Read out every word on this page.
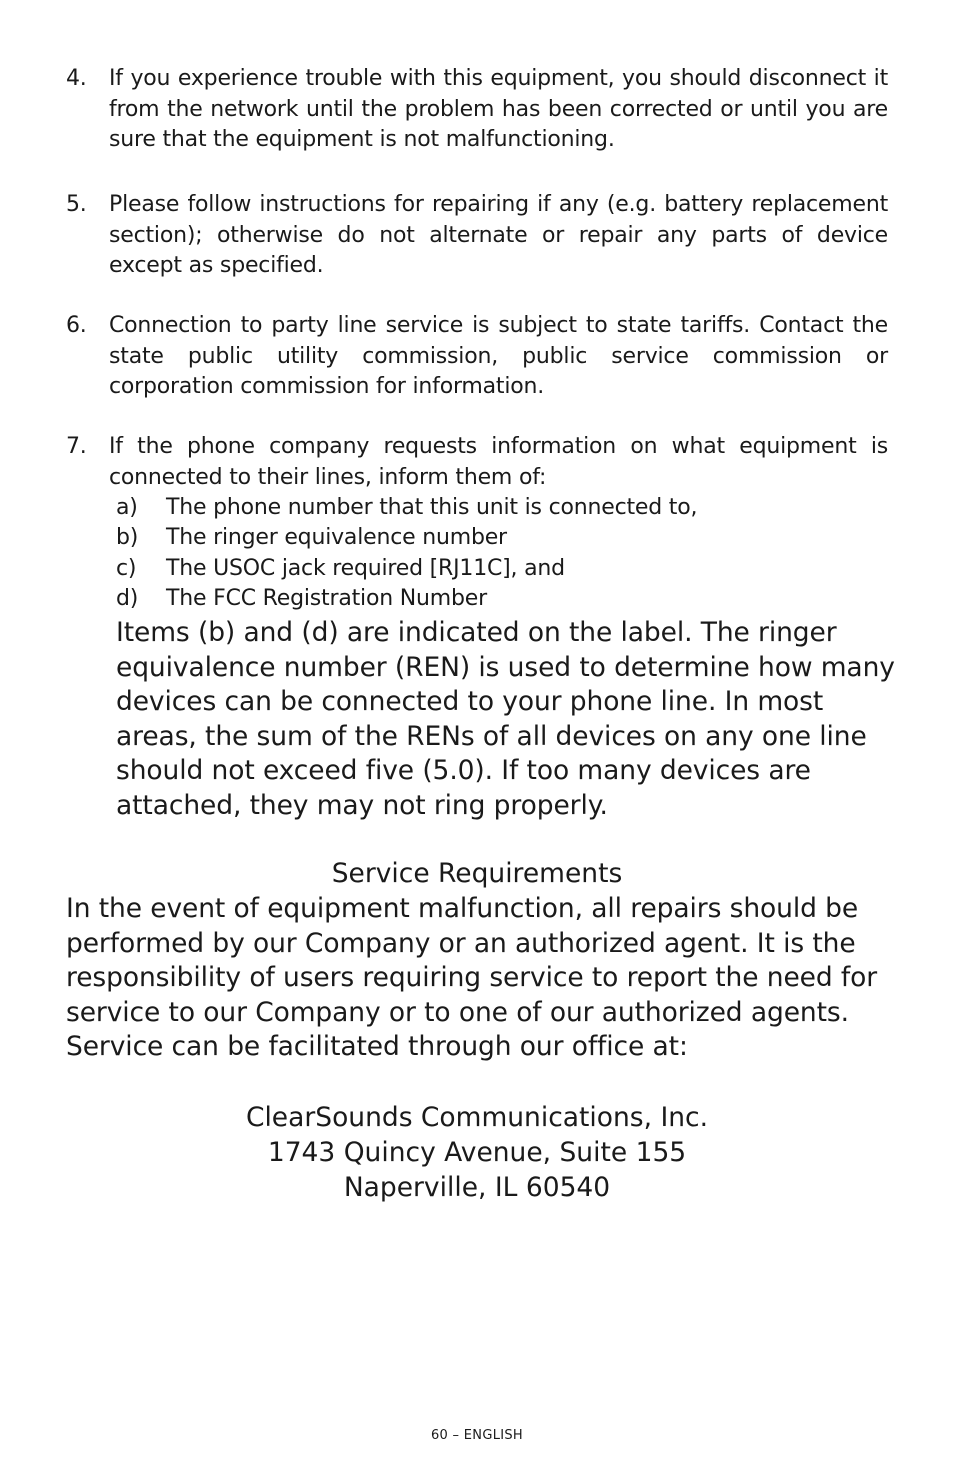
4.	If you experience trouble with this equipment, you should disconnect it from the network until the problem has been corrected or until you are sure that the equipment is not malfunctioning.
5.	Please follow instructions for repairing if any (e.g. battery replacement section); otherwise do not alternate or repair any parts of device except as specified.
6.	Connection to party line service is subject to state tariffs. Contact the state public utility commission, public service commission or corporation commission for information.
7.	If the phone company requests information on what equipment is connected to their lines, inform them of:
a) The phone number that this unit is connected to,
b) The ringer equivalence number
c) The USOC jack required [RJ11C], and
d) The FCC Registration Number
Items (b) and (d) are indicated on the label. The ringer equivalence number (REN) is used to determine how many devices can be connected to your phone line. In most areas, the sum of the RENs of all devices on any one line should not exceed five (5.0). If too many devices are attached, they may not ring properly.
Service Requirements
In the event of equipment malfunction, all repairs should be performed by our Company or an authorized agent. It is the responsibility of users requiring service to report the need for service to our Company or to one of our authorized agents. Service can be facilitated through our office at:
ClearSounds Communications, Inc.
1743 Quincy Avenue, Suite 155
Naperville, IL 60540
60 – ENGLISH
